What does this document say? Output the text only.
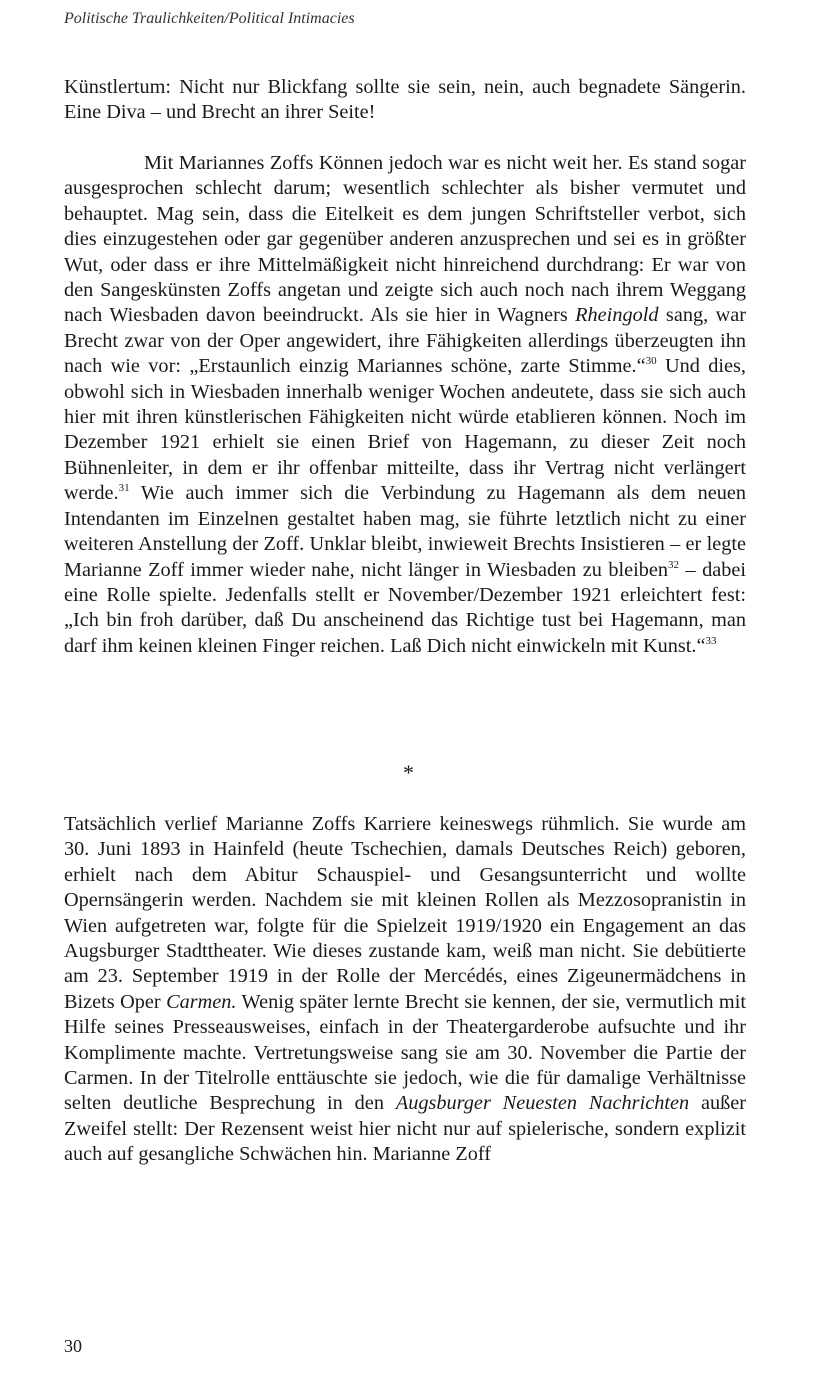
Politische Traulichkeiten/Political Intimacies

Künstlertum: Nicht nur Blickfang sollte sie sein, nein, auch begnadete Sängerin. Eine Diva – und Brecht an ihrer Seite!

Mit Mariannes Zoffs Können jedoch war es nicht weit her. Es stand sogar ausgesprochen schlecht darum; wesentlich schlechter als bisher vermutet und behauptet. Mag sein, dass die Eitelkeit es dem jungen Schriftsteller verbot, sich dies einzugestehen oder gar gegenüber anderen anzusprechen und sei es in größter Wut, oder dass er ihre Mittelmäßigkeit nicht hinreichend durchdrang: Er war von den Sangeskünsten Zoffs angetan und zeigte sich auch noch nach ihrem Weggang nach Wiesbaden davon beeindruckt. Als sie hier in Wagners Rheingold sang, war Brecht zwar von der Oper angewidert, ihre Fähigkeiten allerdings überzeugten ihn nach wie vor: „Erstaunlich einzig Mariannes schöne, zarte Stimme.“$^{30}$ Und dies, obwohl sich in Wiesbaden innerhalb weniger Wochen andeutete, dass sie sich auch hier mit ihren künstlerischen Fähigkeiten nicht würde etablieren können. Noch im Dezember 1921 erhielt sie einen Brief von Hagemann, zu dieser Zeit noch Bühnenleiter, in dem er ihr offenbar mitteilte, dass ihr Vertrag nicht verlängert werde.$^{31}$ Wie auch immer sich die Verbindung zu Hagemann als dem neuen Intendanten im Einzelnen gestaltet haben mag, sie führte letztlich nicht zu einer weiteren Anstellung der Zoff. Unklar bleibt, inwieweit Brechts Insistieren – er legte Marianne Zoff immer wieder nahe, nicht länger in Wiesbaden zu bleiben$^{32}$ – dabei eine Rolle spielte. Jedenfalls stellt er November/Dezember 1921 erleichtert fest: „Ich bin froh darüber, daß Du anscheinend das Richtige tust bei Hagemann, man darf ihm keinen kleinen Finger reichen. Laß Dich nicht einwickeln mit Kunst.“$^{33}$

*

Tatsächlich verlief Marianne Zoffs Karriere keineswegs rühmlich. Sie wurde am 30. Juni 1893 in Hainfeld (heute Tschechien, damals Deutsches Reich) geboren, erhielt nach dem Abitur Schauspiel- und Gesangsunterricht und wollte Opernsängerin werden. Nachdem sie mit kleinen Rollen als Mezzosopranistin in Wien aufgetreten war, folgte für die Spielzeit 1919/1920 ein Engagement an das Augsburger Stadttheater. Wie dieses zustande kam, weiß man nicht. Sie debütierte am 23. September 1919 in der Rolle der Mercédés, eines Zigeunermädchens in Bizets Oper Carmen. Wenig später lernte Brecht sie kennen, der sie, vermutlich mit Hilfe seines Presseausweises, einfach in der Theatergarderobe aufsuchte und ihr Komplimente machte. Vertretungsweise sang sie am 30. November die Partie der Carmen. In der Titelrolle enttäuschte sie jedoch, wie die für damalige Verhältnisse selten deutliche Besprechung in den Augsburger Neuesten Nachrichten außer Zweifel stellt: Der Rezensent weist hier nicht nur auf spielerische, sondern explizit auch auf gesangliche Schwächen hin. Marianne Zoff

30
